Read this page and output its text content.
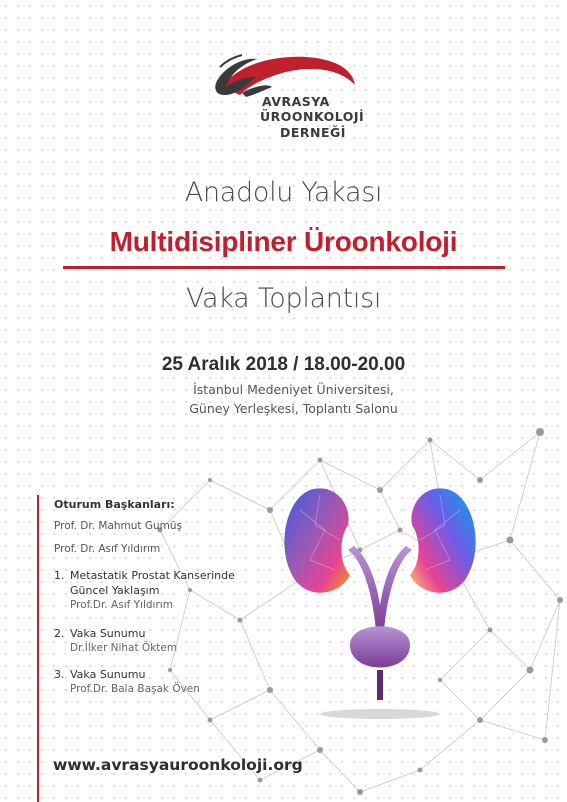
AVRASYA
ÜROONKOLOJİ
DERNEĞİ
Anadolu Yakası
Multidisipliner Üroonkoloji
Vaka Toplantısı
25 Aralık 2018 / 18.00-20.00
İstanbul Medeniyet Üniversitesi,
Güney Yerleşkesi, Toplantı Salonu
Oturum Başkanları:
Prof. Dr. Mahmut Gumüş
Prof. Dr. Asıf Yıldırım
1. Metastatik Prostat Kanserinde
Güncel Yaklaşım
Prof.Dr. Asıf Yıldırım
2. Vaka Sunumu
Dr.İlker Nihat Öktem
3. Vaka Sunumu
Prof.Dr. Bala Başak Öven
www.avrasyauroonkoloji.org
